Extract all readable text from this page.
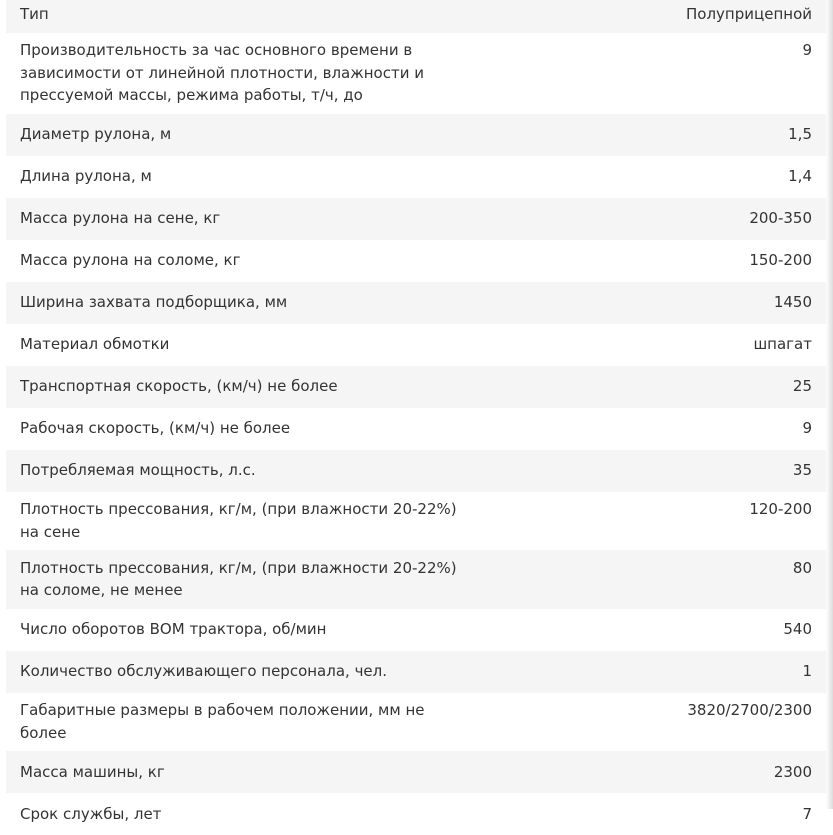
Тип	Полуприцепной
Производительность за час основного времени в зависимости от линейной плотности, влажности и прессуемой массы, режима работы, т/ч, до	9
Диаметр рулона, м	1,5
Длина рулона, м	1,4
Масса рулона на сене, кг	200-350
Масса рулона на соломе, кг	150-200
Ширина захвата подборщика, мм	1450
Материал обмотки	шпагат
Транспортная скорость, (км/ч) не более	25
Рабочая скорость, (км/ч) не более	9
Потребляемая мощность, л.с.	35
Плотность прессования, кг/м, (при влажности 20-22%) на сене	120-200
Плотность прессования, кг/м, (при влажности 20-22%) на соломе, не менее	80
Число оборотов ВОМ трактора, об/мин	540
Количество обслуживающего персонала, чел.	1
Габаритные размеры в рабочем положении, мм не более	3820/2700/2300
Масса машины, кг	2300
Срок службы, лет	7
